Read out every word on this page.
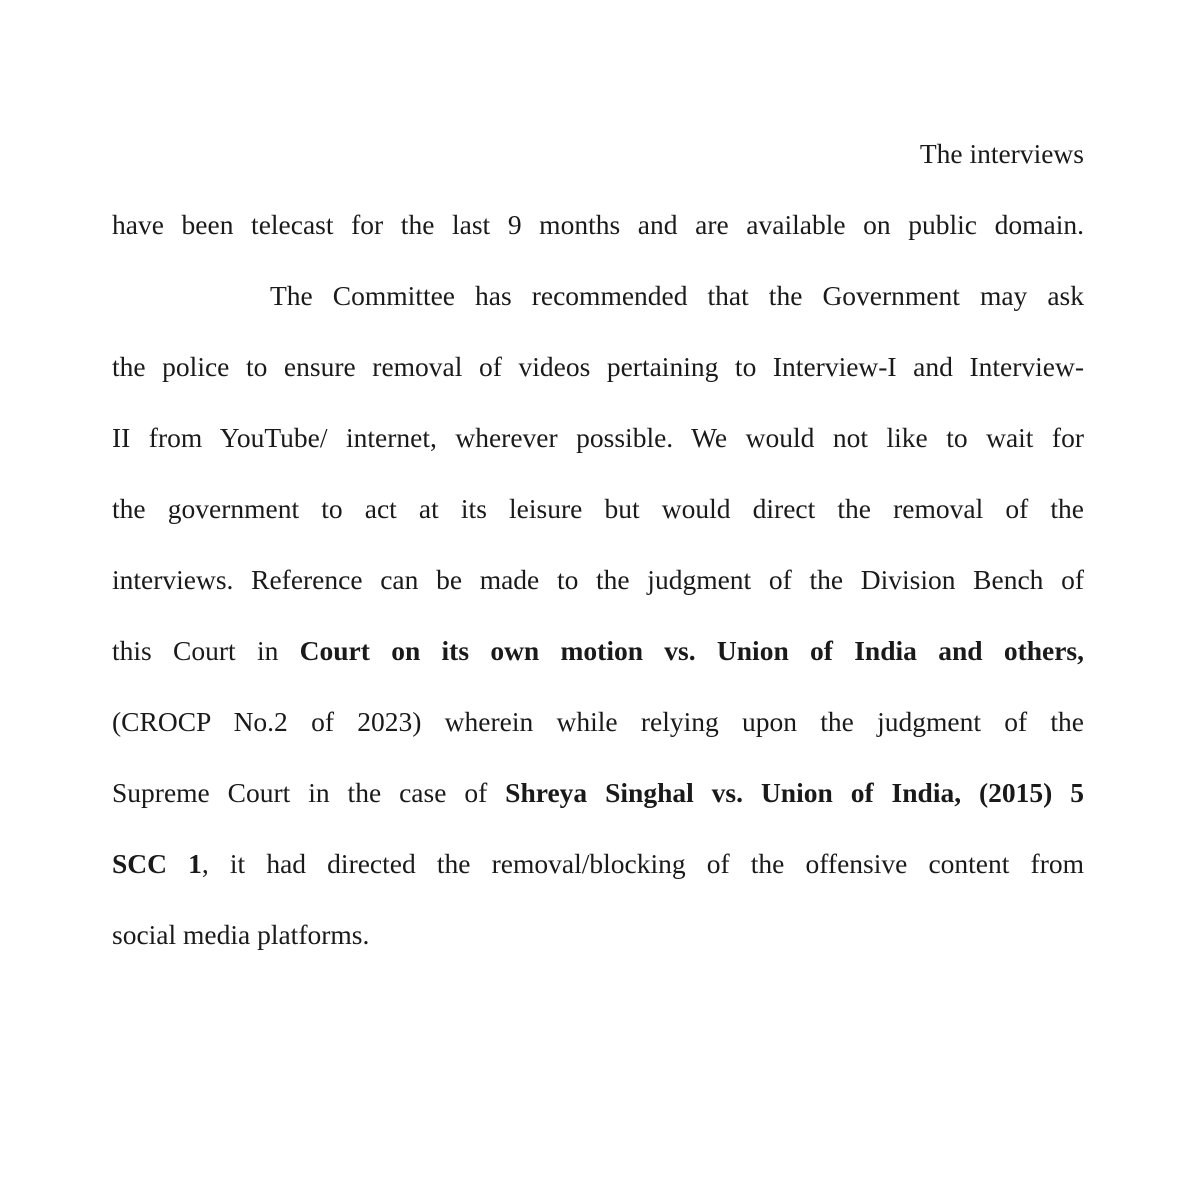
The interviews
have been telecast for the last 9 months and are available on public domain.
The Committee has recommended that the Government may ask
the police to ensure removal of videos pertaining to Interview-I and Interview-
II from YouTube/ internet, wherever possible. We would not like to wait for
the government to act at its leisure but would direct the removal of the
interviews. Reference can be made to the judgment of the Division Bench of
this Court in Court on its own motion vs. Union of India and others,
(CROCP No.2 of 2023) wherein while relying upon the judgment of the
Supreme Court in the case of Shreya Singhal vs. Union of India, (2015) 5
SCC 1, it had directed the removal/blocking of the offensive content from
social media platforms.
